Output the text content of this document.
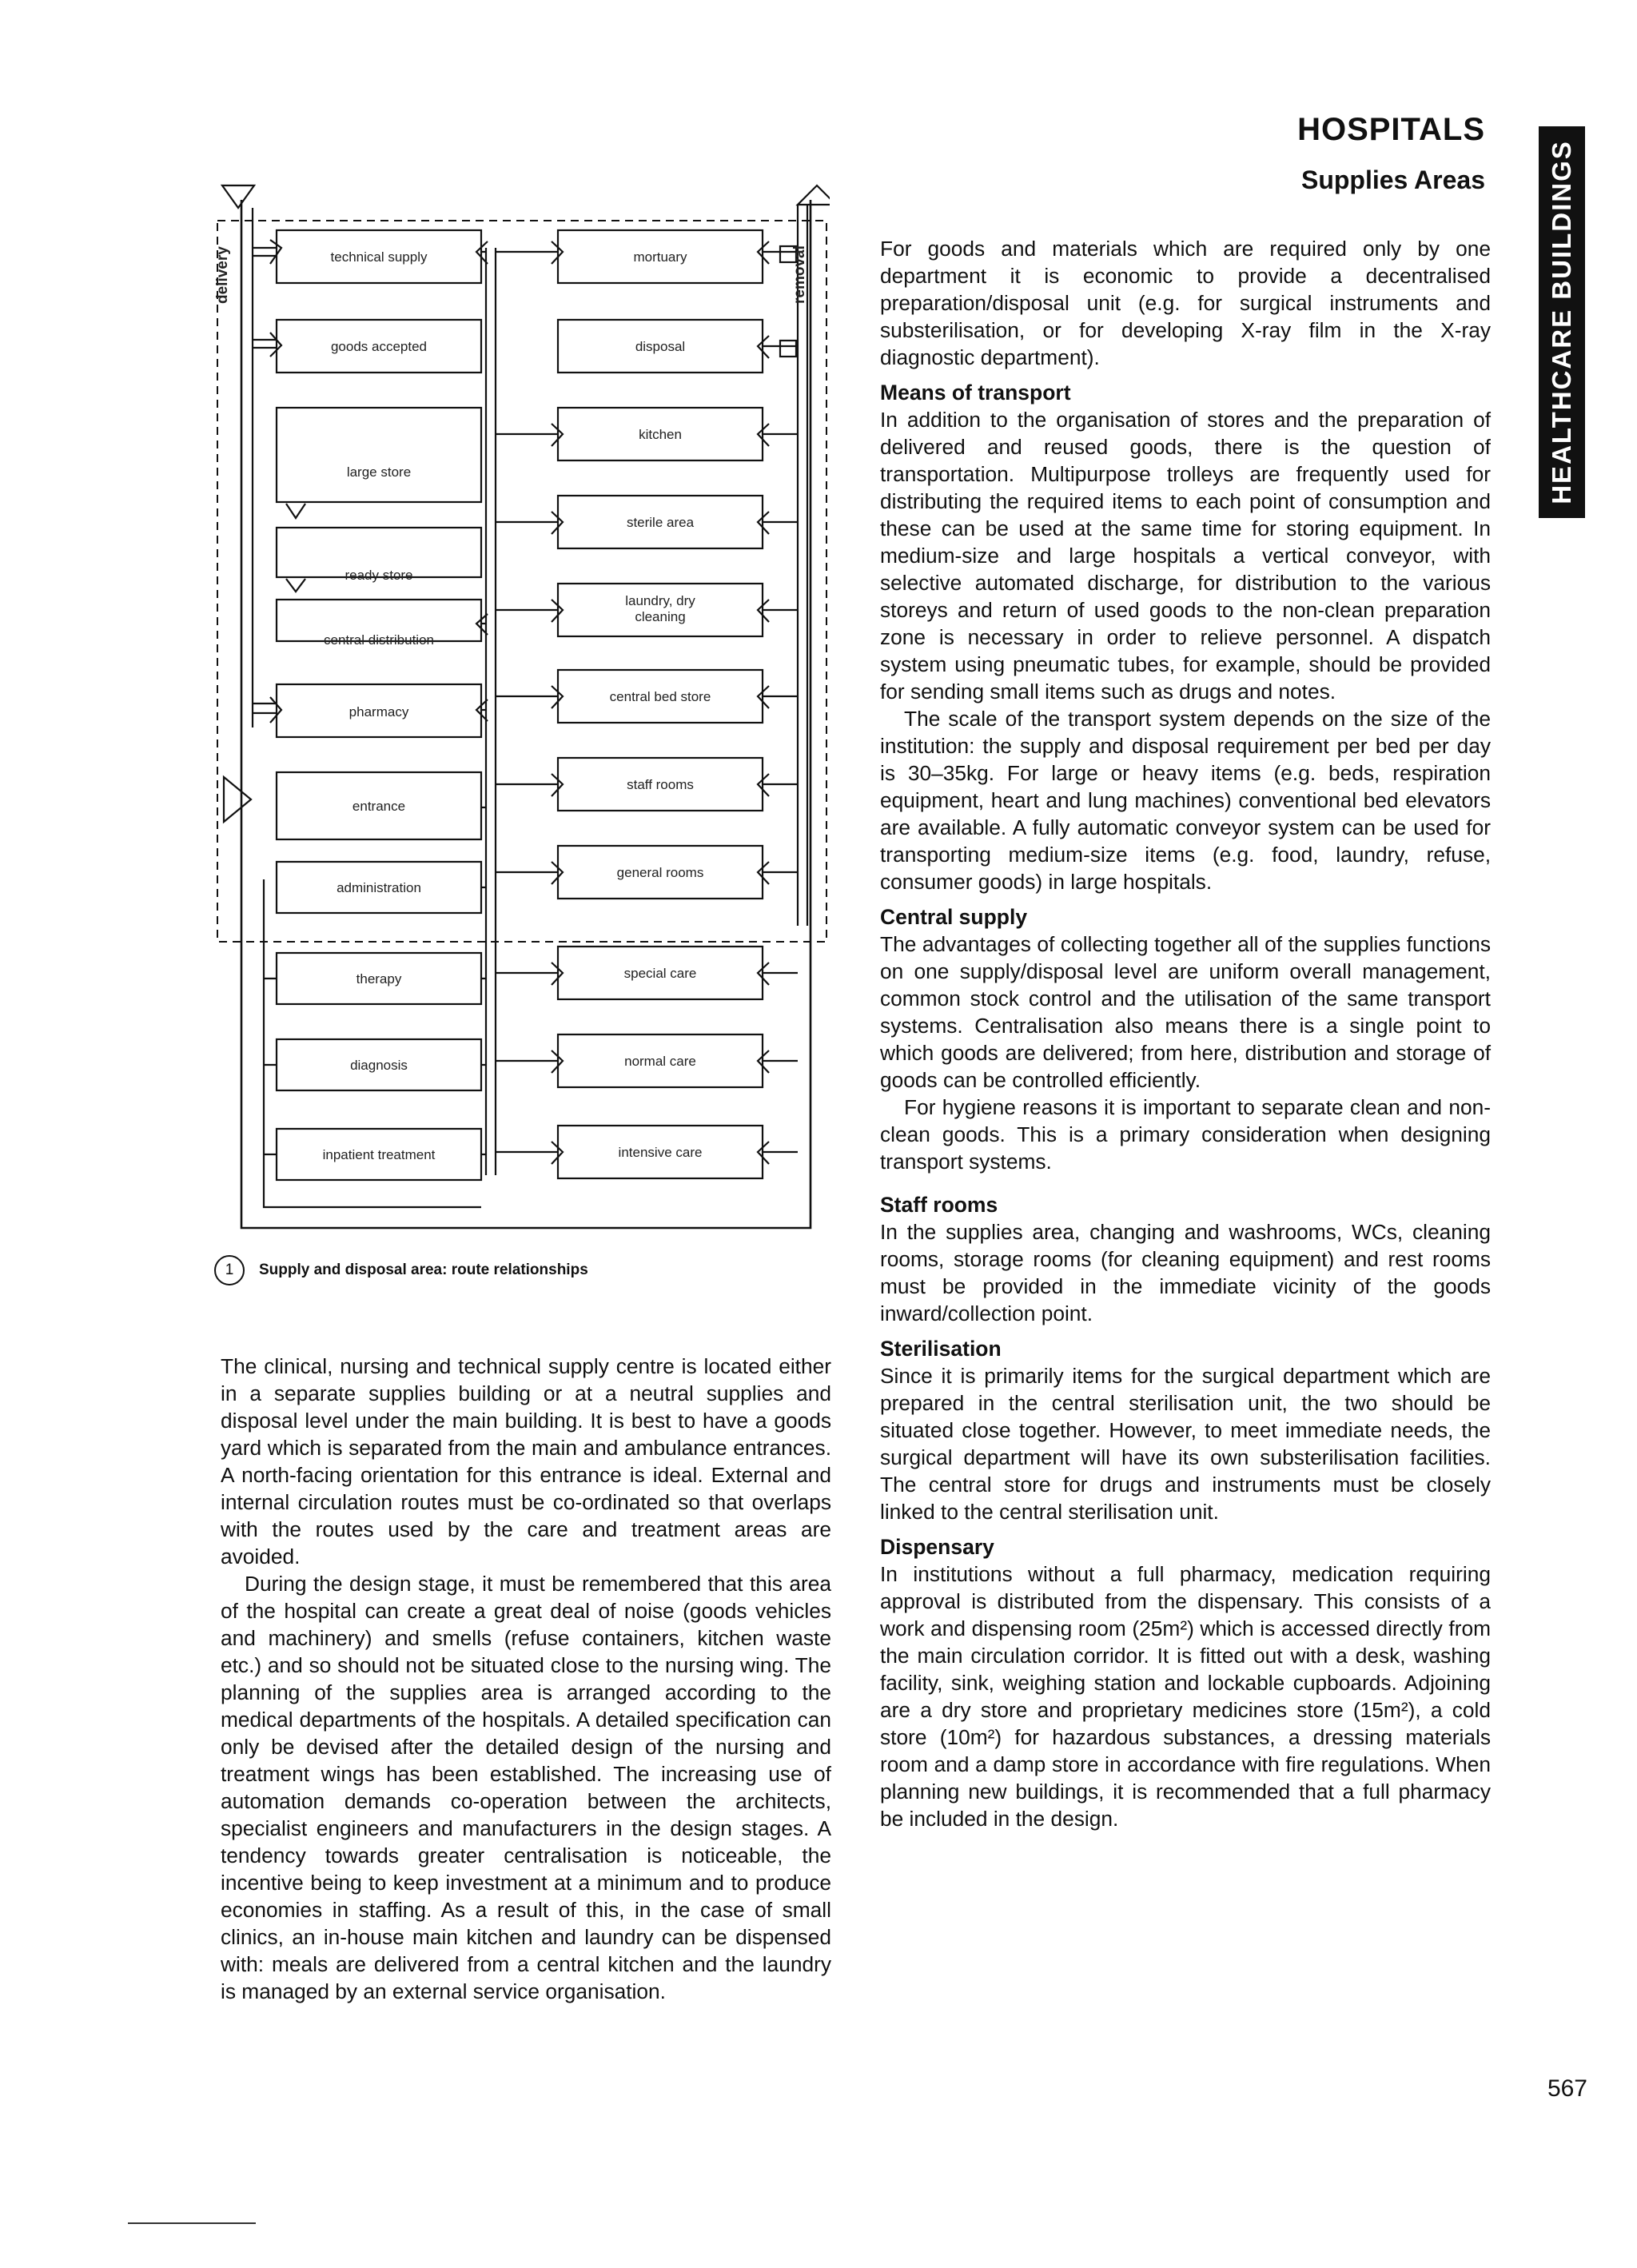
HOSPITALS
Supplies Areas HEALTHCARE BUILDINGS
delivery	removal
technical supply
goods accepted
large store
ready store
central distribution
pharmacy
entrance
administration
therapy
diagnosis
inpatient treatment
mortuary
disposal
kitchen
sterile area
laundry, dry
cleaning
central bed store
staff rooms
general rooms
special care
normal care
intensive care
1	Supply and disposal area: route relationships

The clinical, nursing and technical supply centre is located either in a separate supplies building or at a neutral supplies and disposal level under the main building. It is best to have a goods yard which is separated from the main and ambulance entrances. A north-facing orientation for this entrance is ideal. External and internal circulation routes must be co-ordinated so that overlaps with the routes used by the care and treatment areas are avoided.

During the design stage, it must be remembered that this area of the hospital can create a great deal of noise (goods vehicles and machinery) and smells (refuse containers, kitchen waste etc.) and so should not be situated close to the nursing wing. The planning of the supplies area is arranged according to the medical departments of the hospitals. A detailed specification can only be devised after the detailed design of the nursing and treatment wings has been established. The increasing use of automation demands co-operation between the architects, specialist engineers and manufacturers in the design stages. A tendency towards greater centralisation is noticeable, the incentive being to keep investment at a minimum and to produce economies in staffing. As a result of this, in the case of small clinics, an in-house main kitchen and laundry can be dispensed with: meals are delivered from a central kitchen and the laundry is managed by an external service organisation.

For goods and materials which are required only by one department it is economic to provide a decentralised preparation/disposal unit (e.g. for surgical instruments and substerilisation, or for developing X-ray film in the X-ray diagnostic department).

Means of transport

In addition to the organisation of stores and the preparation of delivered and reused goods, there is the question of transportation. Multipurpose trolleys are frequently used for distributing the required items to each point of consumption and these can be used at the same time for storing equipment. In medium-size and large hospitals a vertical conveyor, with selective automated discharge, for distribution to the various storeys and return of used goods to the non-clean preparation zone is necessary in order to relieve personnel. A dispatch system using pneumatic tubes, for example, should be provided for sending small items such as drugs and notes.

The scale of the transport system depends on the size of the institution: the supply and disposal requirement per bed per day is 30–35kg. For large or heavy items (e.g. beds, respiration equipment, heart and lung machines) conventional bed elevators are available. A fully automatic conveyor system can be used for transporting medium-size items (e.g. food, laundry, refuse, consumer goods) in large hospitals.

Central supply

The advantages of collecting together all of the supplies functions on one supply/disposal level are uniform overall management, common stock control and the utilisation of the same transport systems. Centralisation also means there is a single point to which goods are delivered; from here, distribution and storage of goods can be controlled efficiently.

For hygiene reasons it is important to separate clean and non-clean goods. This is a primary consideration when designing transport systems.

Staff rooms

In the supplies area, changing and washrooms, WCs, cleaning rooms, storage rooms (for cleaning equipment) and rest rooms must be provided in the immediate vicinity of the goods inward/collection point.

Sterilisation

Since it is primarily items for the surgical department which are prepared in the central sterilisation unit, the two should be situated close together. However, to meet immediate needs, the surgical department will have its own substerilisation facilities. The central store for drugs and instruments must be closely linked to the central sterilisation unit.

Dispensary

In institutions without a full pharmacy, medication requiring approval is distributed from the dispensary. This consists of a work and dispensing room (25m²) which is accessed directly from the main circulation corridor. It is fitted out with a desk, washing facility, sink, weighing station and lockable cupboards. Adjoining are a dry store and proprietary medicines store (15m²), a cold store (10m²) for hazardous substances, a dressing materials room and a damp store in accordance with fire regulations. When planning new buildings, it is recommended that a full pharmacy be included in the design.

567
